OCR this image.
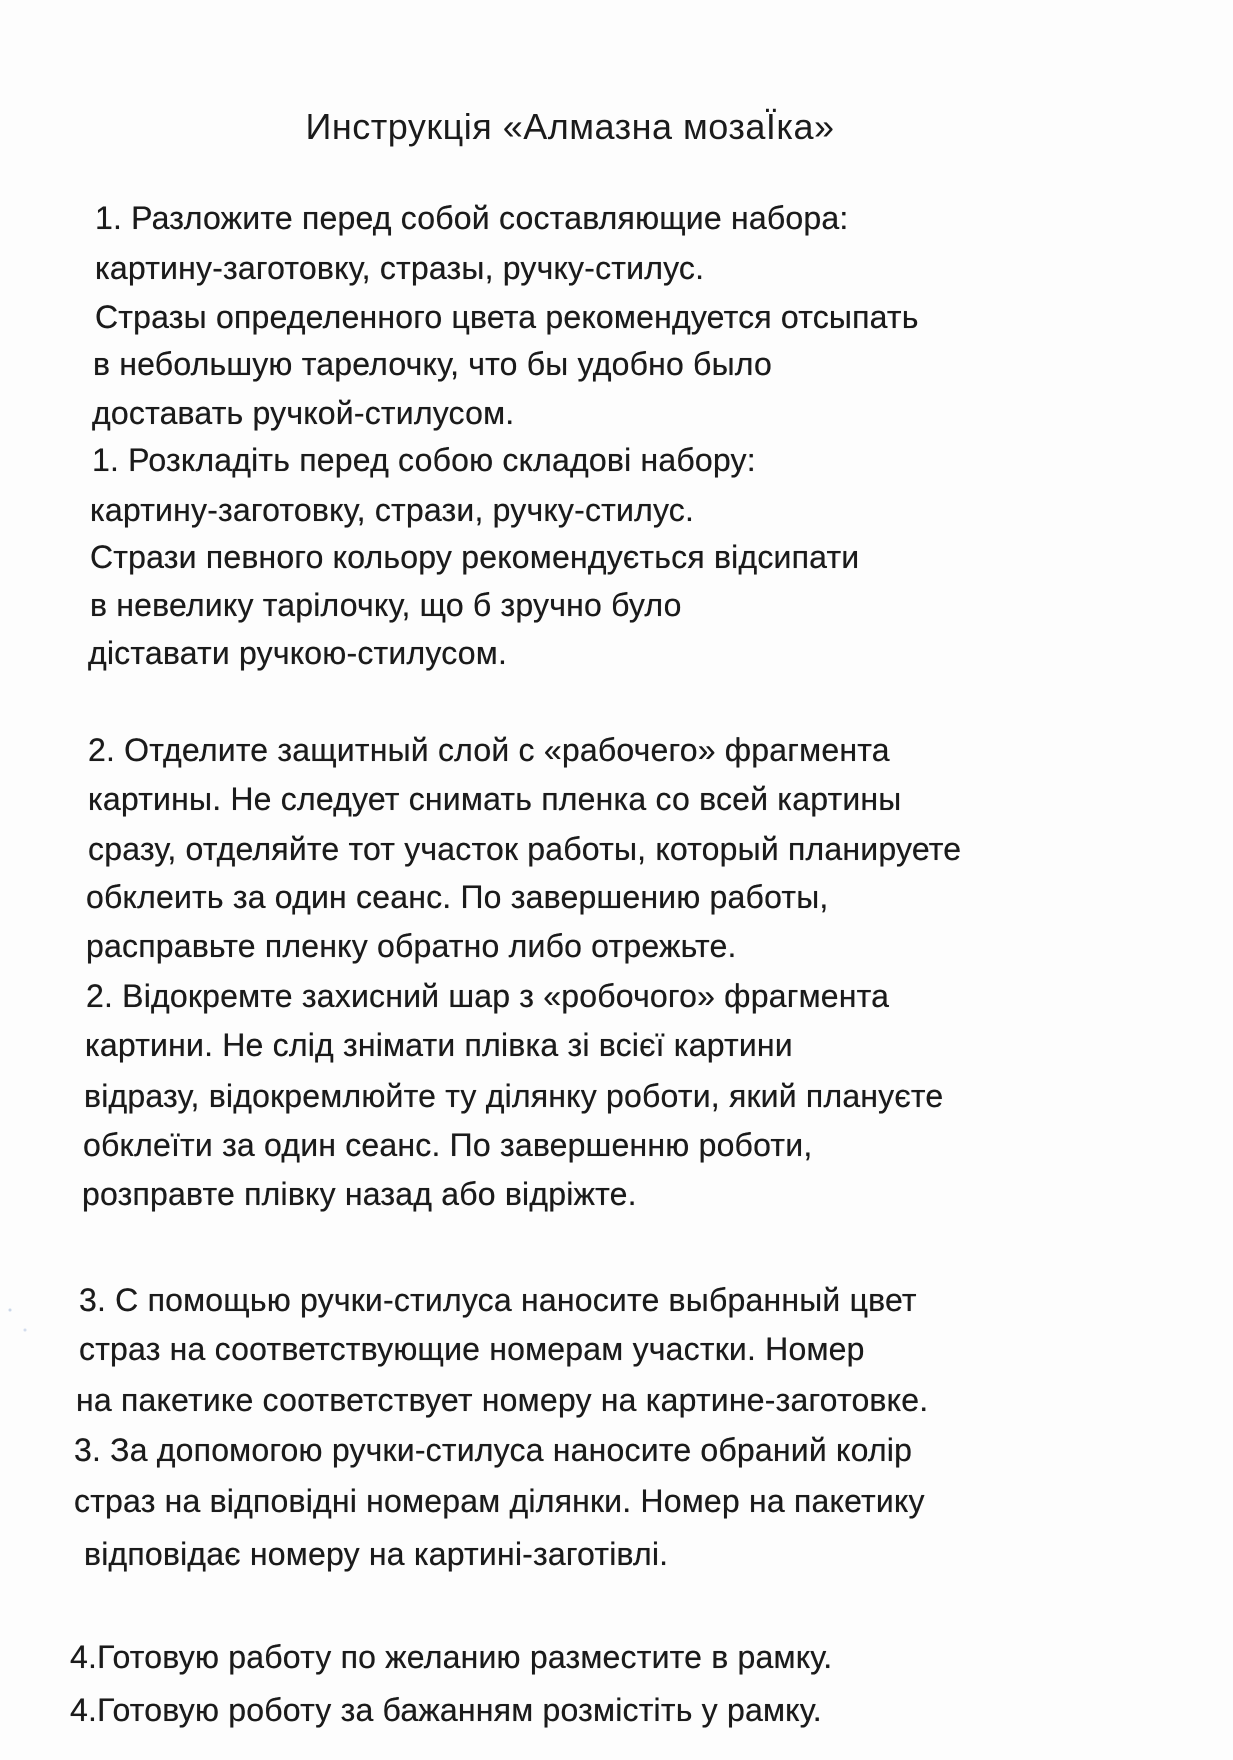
Инструкція «Алмазна мозаЇка»
1. Разложите перед собой составляющие набора:
картину-заготовку, стразы, ручку-стилус.
Стразы определенного цвета рекомендуется отсыпать
в небольшую тарелочку, что бы удобно было
доставать ручкой-стилусом.
1. Розкладіть перед собою складові набору:
картину-заготовку, стрази, ручку-стилус.
Стрази певного кольору рекомендується відсипати
в невелику тарілочку, що б зручно було
діставати ручкою-стилусом.
2. Отделите защитный слой с «рабочего» фрагмента
картины. Не следует снимать пленка со всей картины
сразу, отделяйте тот участок работы, который планируете
обклеить за один сеанс. По завершению работы,
расправьте пленку обратно либо отрежьте.
2. Відокремте захисний шар з «робочого» фрагмента
картини. Не слід знімати плівка зі всієї картини
відразу, відокремлюйте ту ділянку роботи, який плануєте
обклеїти за один сеанс. По завершенню роботи,
розправте плівку назад або відріжте.
3. С помощью ручки-стилуса наносите выбранный цвет
страз на соответствующие номерам участки. Номер
на пакетике соответствует номеру на картине-заготовке.
3. За допомогою ручки-стилуса наносите обраний колір
страз на відповідні номерам ділянки. Номер на пакетику
відповідає номеру на картині-заготівлі.
4.Готовую работу по желанию разместите в рамку.
4.Готовую роботу за бажанням розмістіть у рамку.
